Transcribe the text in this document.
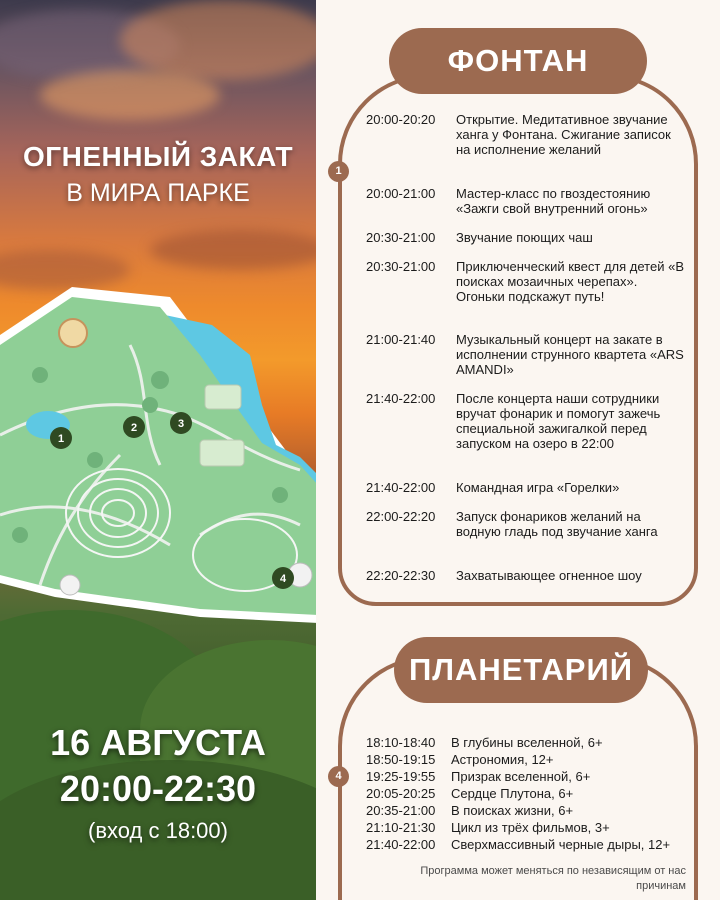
ОГНЕННЫЙ ЗАКАТ
В МИРА ПАРКЕ
1
2	3
4
16 АВГУСТА
20:00-22:30
(вход с 18:00)
ФОНТАН
1
20:00-20:20	Открытие. Медитативное звучание ханга у Фонтана. Сжигание записок на исполнение желаний
20:00-21:00	Мастер-класс по гвоздестоянию «Зажги свой внутренний огонь»
20:30-21:00	Звучание поющих чаш
20:30-21:00	Приключенческий квест для детей «В поисках мозаичных черепах». Огоньки подскажут путь!
21:00-21:40	Музыкальный концерт на закате в исполнении струнного квартета «ARS AMANDI»
21:40-22:00	После концерта наши сотрудники вручат фонарик и помогут зажечь специальной зажигалкой перед запуском на озеро в 22:00
21:40-22:00	Командная игра «Горелки»
22:00-22:20	Запуск фонариков желаний на водную гладь под звучание ханга
22:20-22:30	Захватывающее огненное шоу
ПЛАНЕТАРИЙ
4
18:10-18:40	В глубины вселенной, 6+
18:50-19:15	Астрономия, 12+
19:25-19:55	Призрак вселенной, 6+
20:05-20:25	Сердце Плутона, 6+
20:35-21:00	В поисках жизни, 6+
21:10-21:30	Цикл из трёх фильмов, 3+
21:40-22:00	Сверхмассивный черные дыры, 12+
Программа может меняться по независящим от нас причинам
